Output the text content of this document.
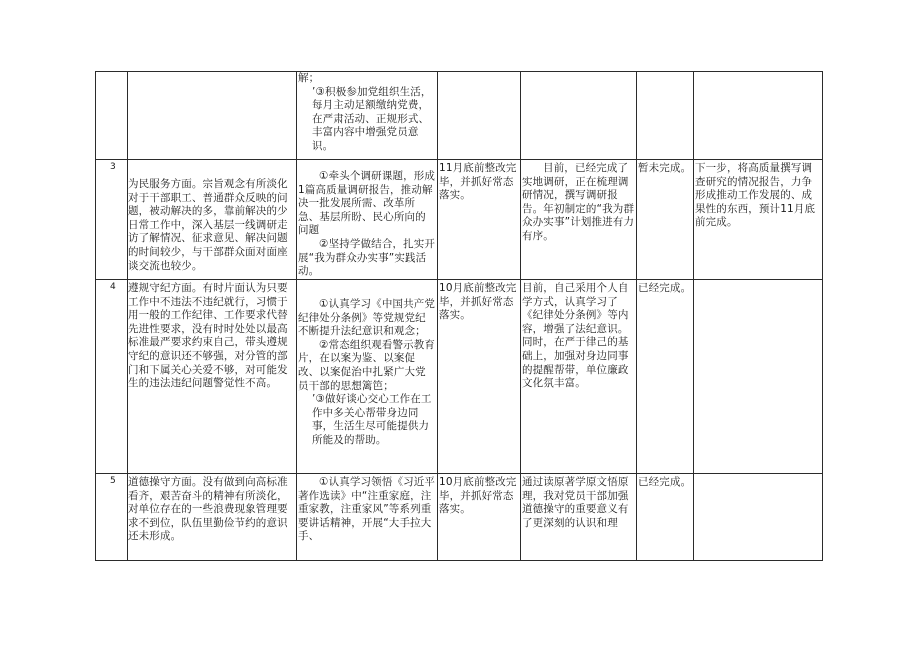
解；
’③积极参加党组织生活，每月主动足额缴纳党费，在严肃活动、正规形式、丰富内容中增强党员意识。
3
为民服务方面。宗旨观念有所淡化对于干部职工、普通群众反映的问题，被动解决的多，靠前解决的少日常工作中，深入基层一线调研走访了解情况、征求意见、解决问题的时间较少，与干部群众面对面座谈交流也较少。
①牵头个调研课题，形成1篇高质量调研报告，推动解决一批发展所需、改革所急、基层所盼、民心所向的问题
②坚持学做结合，扎实开展“我为群众办实事”实践活动。
11月底前整改完毕，并抓好常态落实。
目前，已经完成了实地调研，正在梳理调研情况，撰写调研报告。年初制定的“我为群众办实事”计划推进有力有序。
暂未完成。 下一步，将高质量撰写调查研究的情况报告，力争形成推动工作发展的、成果性的东西，预计11月底前完成。
4 遵规守纪方面。有时片面认为只要工作中不违法不违纪就行，习惯于用一般的工作纪律、工作要求代替先进性要求，没有时时处处以最高标准最严要求约束自己，带头遵规守纪的意识还不够强，对分管的部门和下属关心关爱不够，对可能发生的违法违纪问题警觉性不高。
①认真学习《中国共产党纪律处分条例》等党规党纪不断提升法纪意识和观念；
②常态组织观看警示教育片，在以案为鉴、以案促改、以案促治中扎紧广大党员干部的思想篱笆；
’③做好谈心交心工作在工作中多关心帮带身边同事，生活生尽可能提供力所能及的帮助。
10月底前整改完毕，并抓好常态落实。
目前，自己采用个人自学方式，认真学习了《纪律处分条例》等内容，增强了法纪意识。同时，在严于律己的基础上，加强对身边同事的提醒帮带，单位廉政文化氛丰富。
已经完成。
5 道德操守方面。没有做到向高标准看齐，艰苦奋斗的精神有所淡化，对单位存在的一些浪费现象管理要求不到位，队伍里勤俭节约的意识还未形成。
①认真学习领悟《习近平著作选读》中“注重家庭，注重家教，注重家风”等系列重要讲话精神，开展“大手拉大手、
10月底前整改完毕，并抓好常态落实。
通过读原著学原文悟原理，我对党员干部加强道德操守的重要意义有了更深刻的认识和理
已经完成。
